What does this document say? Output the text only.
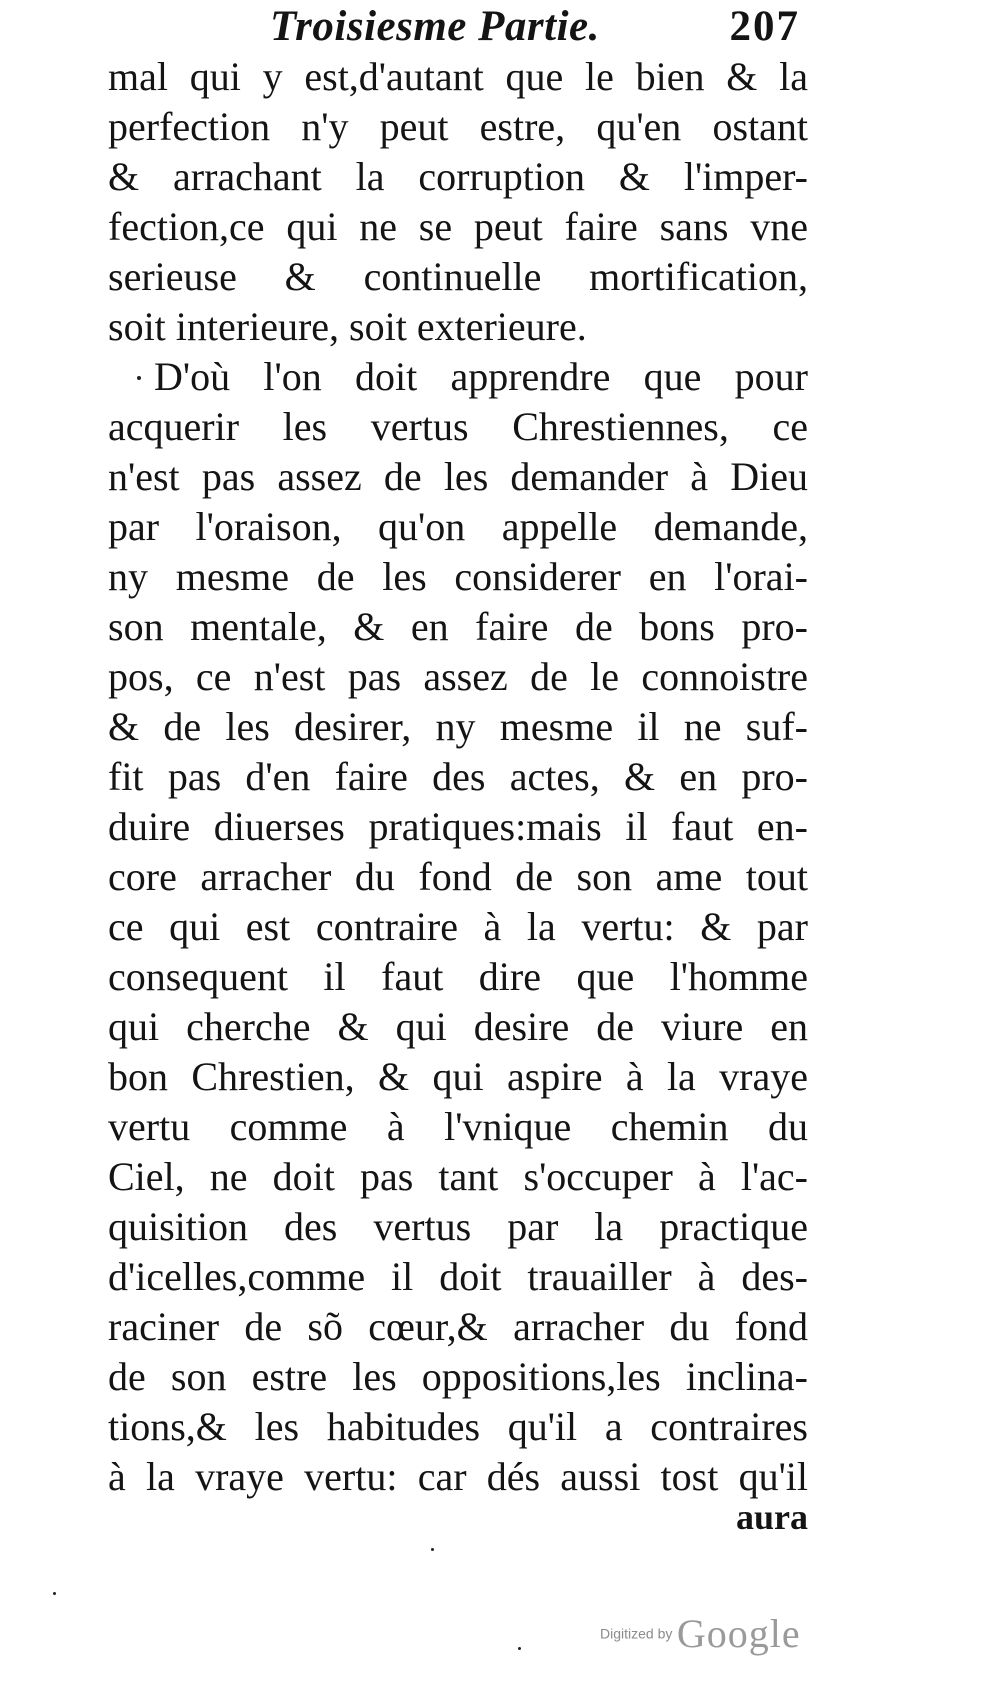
Troisiesme Partie.	207
mal qui y est,d'autant que le bien & la
perfection n'y peut estre, qu'en ostant
& arrachant la corruption & l'imper-
fection,ce qui ne se peut faire sans vne
serieuse & continuelle mortification,
soit interieure, soit exterieure.
D'où l'on doit apprendre que pour
acquerir les vertus Chrestiennes, ce
n'est pas assez de les demander à Dieu
par l'oraison, qu'on appelle demande,
ny mesme de les considerer en l'orai-
son mentale, & en faire de bons pro-
pos, ce n'est pas assez de le connoistre
& de les desirer, ny mesme il ne suf-
fit pas d'en faire des actes, & en pro-
duire diuerses pratiques:mais il faut en-
core arracher du fond de son ame tout
ce qui est contraire à la vertu: & par
consequent il faut dire que l'homme
qui cherche & qui desire de viure en
bon Chrestien, & qui aspire à la vraye
vertu comme à l'vnique chemin du
Ciel, ne doit pas tant s'occuper à l'ac-
quisition des vertus par la practique
d'icelles,comme il doit trauailler à des-
raciner de sõ cœur,& arracher du fond
de son estre les oppositions,les inclina-
tions,& les habitudes qu'il a contraires
à la vraye vertu: car dés aussi tost qu'il
aura
Digitized by Google
